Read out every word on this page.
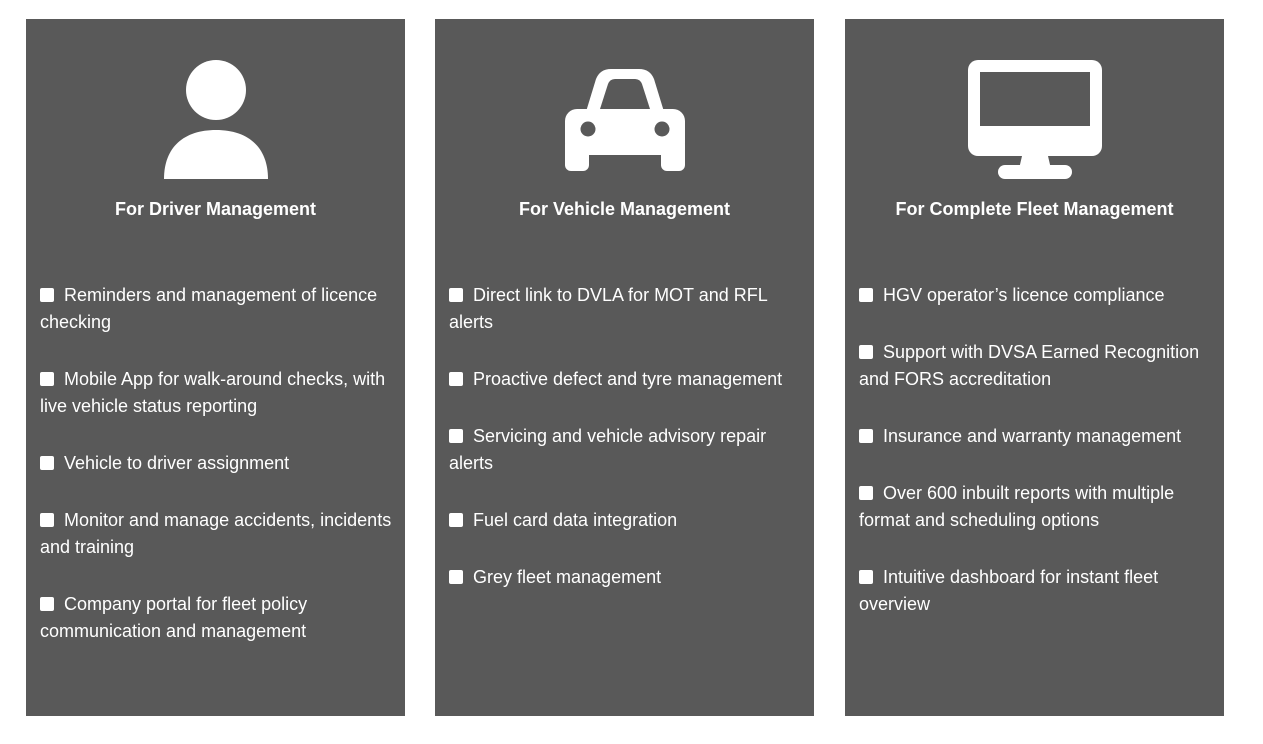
For Driver Management
Reminders and management of licence checking
Mobile App for walk-around checks, with live vehicle status reporting
Vehicle to driver assignment
Monitor and manage accidents, incidents and training
Company portal for fleet policy communication and management
For Vehicle Management
Direct link to DVLA for MOT and RFL alerts
Proactive defect and tyre management
Servicing and vehicle advisory repair alerts
Fuel card data integration
Grey fleet management
For Complete Fleet Management
HGV operator’s licence compliance
Support with DVSA Earned Recognition and FORS accreditation
Insurance and warranty management
Over 600 inbuilt reports with multiple format and scheduling options
Intuitive dashboard for instant fleet overview
